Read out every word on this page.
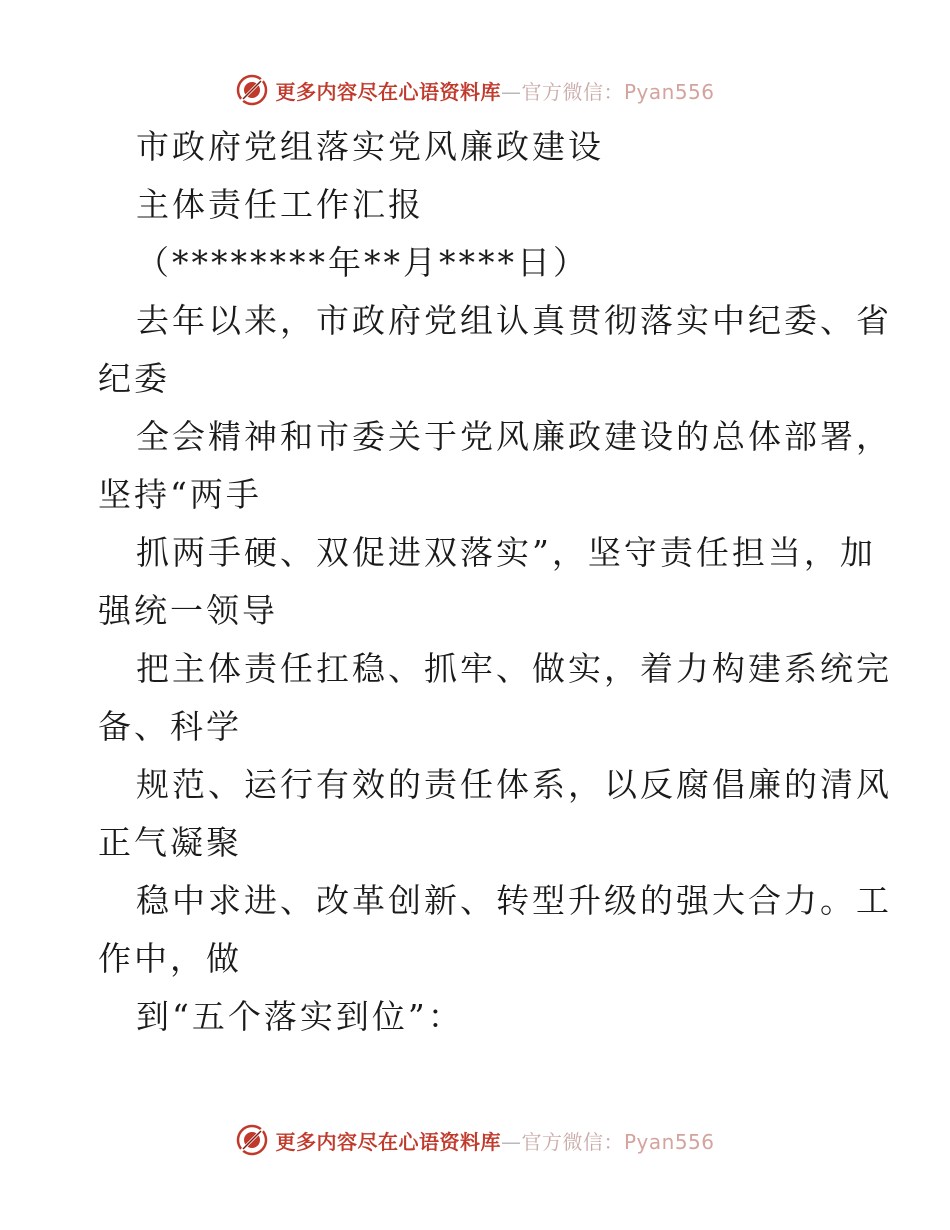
更多内容尽在心语资料库—官方微信：Pyan556
市政府党组落实党风廉政建设
主体责任工作汇报
（********年**月****日）
去年以来，市政府党组认真贯彻落实中纪委、省
纪委
全会精神和市委关于党风廉政建设的总体部署，
坚持“两手
抓两手硬、双促进双落实”，坚守责任担当，加
强统一领导
把主体责任扛稳、抓牢、做实，着力构建系统完
备、科学
规范、运行有效的责任体系，以反腐倡廉的清风
正气凝聚
稳中求进、改革创新、转型升级的强大合力。工
作中，做
到“五个落实到位”：
更多内容尽在心语资料库—官方微信：Pyan556
